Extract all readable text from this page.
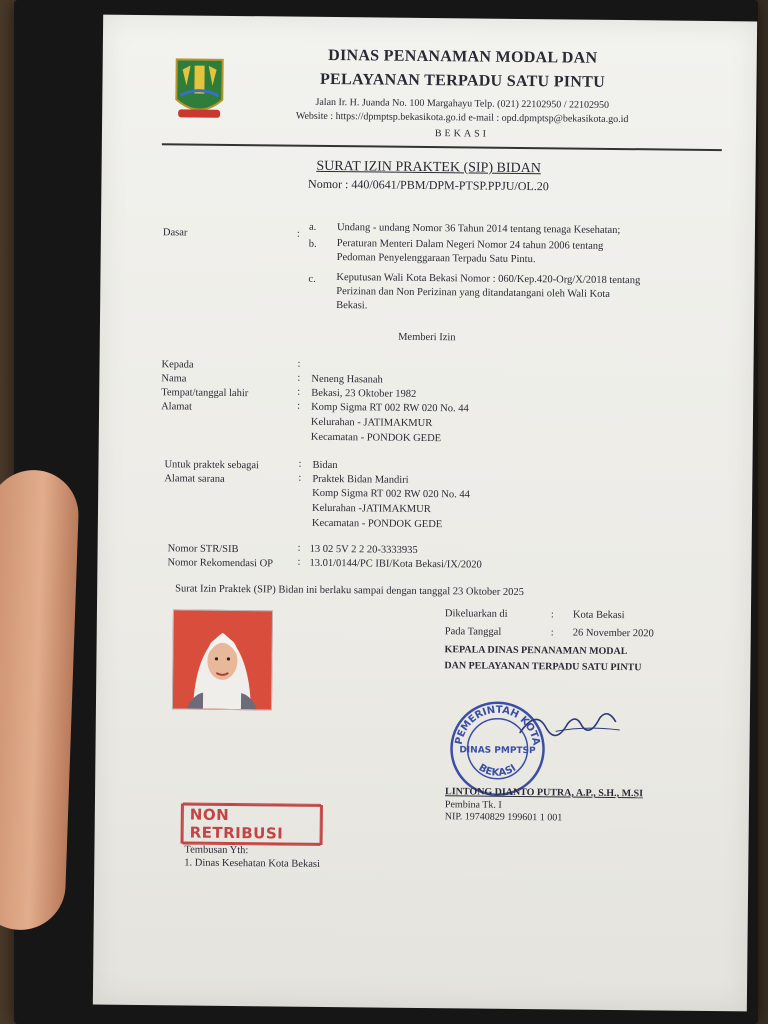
DINAS PENANAMAN MODAL DAN
PELAYANAN TERPADU SATU PINTU
Jalan Ir. H. Juanda No. 100 Margahayu Telp. (021) 22102950 / 22102950
Website : https://dpmptsp.bekasikota.go.id e-mail : opd.dpmptsp@bekasikota.go.id
BEKASI
SURAT IZIN PRAKTEK (SIP) BIDAN
Nomor : 440/0641/PBM/DPM-PTSP.PPJU/OL.20
Dasar	:
a. Undang - undang Nomor 36 Tahun 2014 tentang tenaga Kesehatan;
b. Peraturan Menteri Dalam Negeri Nomor 24 tahun 2006 tentang
Pedoman Penyelenggaraan Terpadu Satu Pintu.
c. Keputusan Wali Kota Bekasi Nomor : 060/Kep.420-Org/X/2018 tentang
Perizinan dan Non Perizinan yang ditandatangani oleh Wali Kota
Bekasi.
Memberi Izin
Kepada	:
Nama	: Neneng Hasanah
Tempat/tanggal lahir	: Bekasi, 23 Oktober 1982
Alamat	: Komp Sigma RT 002 RW 020 No. 44
Kelurahan - JATIMAKMUR
Kecamatan - PONDOK GEDE
Untuk praktek sebagai	: Bidan
Alamat sarana	: Praktek Bidan Mandiri
Komp Sigma RT 002 RW 020 No. 44
Kelurahan -JATIMAKMUR
Kecamatan - PONDOK GEDE
Nomor STR/SIB	: 13 02 5V 2 2 20-3333935
Nomor Rekomendasi OP : 13.01/0144/PC IBI/Kota Bekasi/IX/2020
Surat Izin Praktek (SIP) Bidan ini berlaku sampai dengan tanggal 23 Oktober 2025
Dikeluarkan di	: Kota Bekasi
Pada Tanggal	: 26 November 2020
KEPALA DINAS PENANAMAN MODAL
DAN PELAYANAN TERPADU SATU PINTU
PEMERINTAH KOTA
DINAS PMPTSP
BEKASI
LINTONG DIANTO PUTRA, A.P., S.H., M.SI
Pembina Tk. I
NIP. 19740829 199601 1 001
NON RETRIBUSI
Tembusan Yth:
1. Dinas Kesehatan Kota Bekasi
